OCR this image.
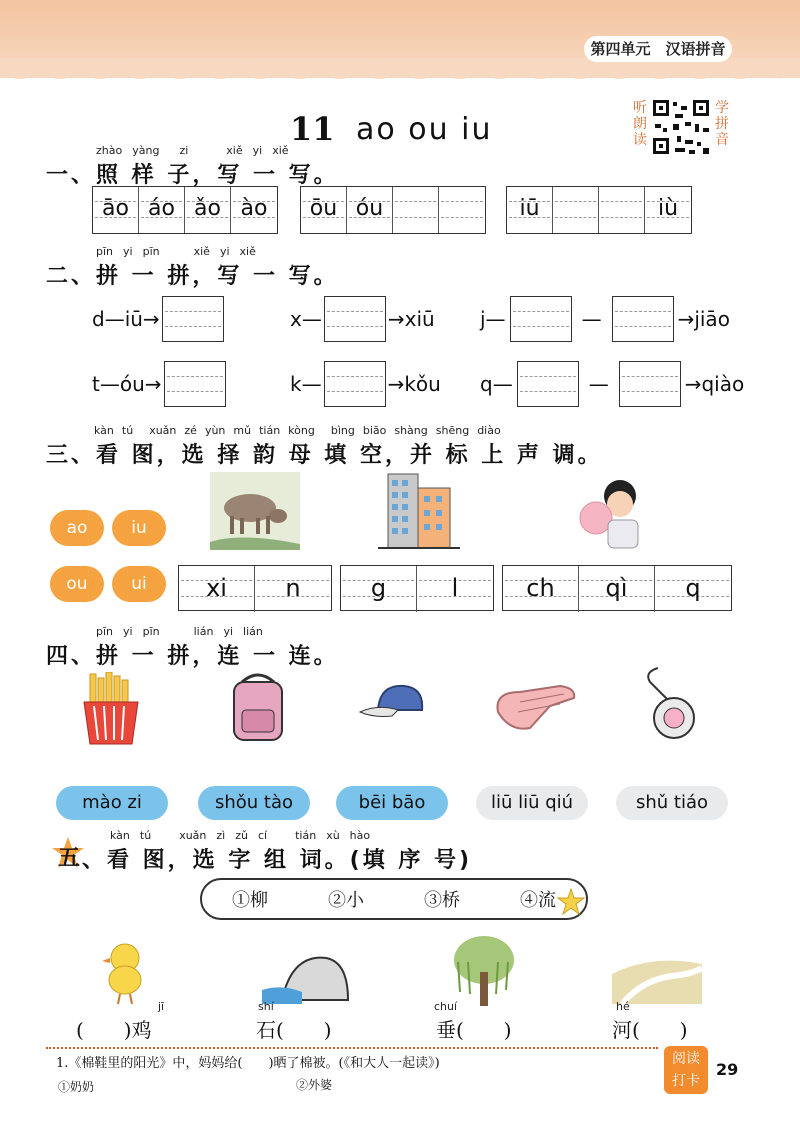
第四单元　汉语拼音
11 ao ou iu
听朗读
学拼音
zhào yàng zi	xiě yi xiě
一、照 样 子，写 一 写。
āo áo ǎo ào	ōu óu	iū	iù
pīn yi pīn	xiě yi xiě
二、拼 一 拼，写 一 写。
d—iū→	x—	→xiū j—	—	→jiāo
t—óu→	k—	→kǒu q—	—	→qiào
kàn tú xuǎn zé yùn mǔ tián kòng bìng biāo shàng shēng diào
三、看 图，选 择 韵 母 填 空，并 标 上 声 调。
ao	iu
ou	ui	xi	n	g	l	ch	qì	q
pīn yi pīn	lián yi lián
四、拼 一 拼，连 一 连。
mào zi	shǒu tào	bēi bāo	liū liū qiú	shǔ tiáo
kàn tú	xuǎn zì zǔ cí	tián xù hào
五
、看 图，选 字 组 词。(填 序 号)
①柳	②小	③桥	④流
jī
(　　)鸡
shí
石(　　)
chuí
垂(　　)
hé
河(　　)
1.《棉鞋里的阳光》中，妈妈给(　　)晒了棉被。(《和大人一起读》)
①奶奶	②外婆
阅读
打卡
29
